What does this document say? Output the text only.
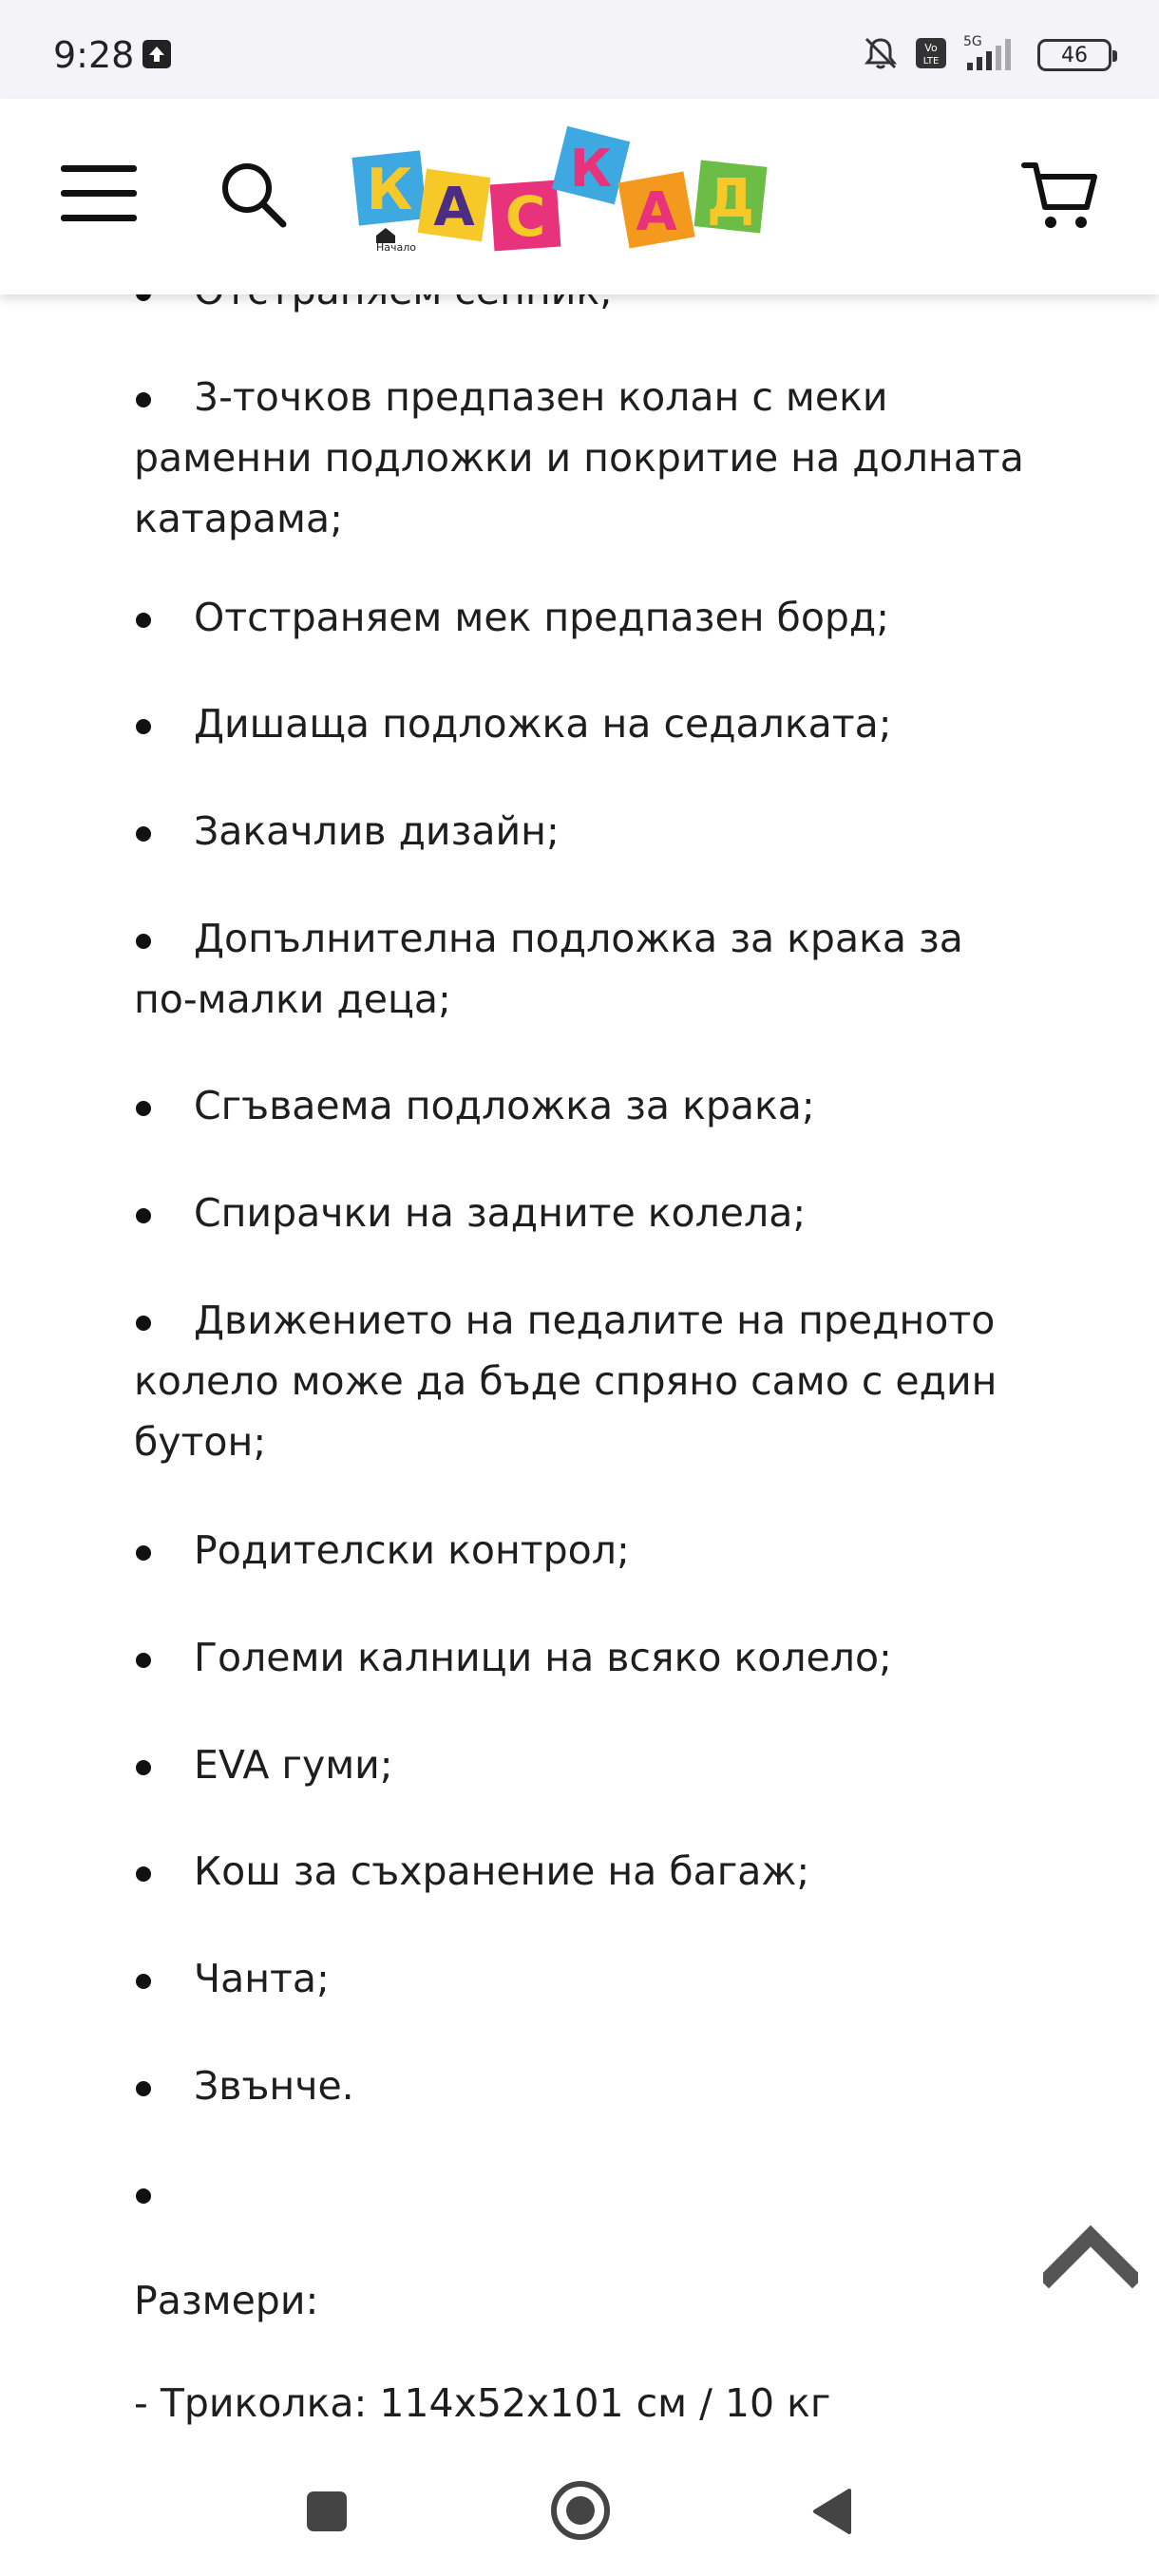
9:28	Vo
LTE
5G
46
К А С
К
А Д
Начало
3-точков предпазен колан с меки раменни подложки и покритие на долната катарама;
Отстраняем мек предпазен борд;
Дишаща подложка на седалката;
Закачлив дизайн;
Допълнителна подложка за крака за по-малки деца;
Сгъваема подложка за крака;
Спирачки на задните колела;
Движението на педалите на предното колело може да бъде спряно само с един бутон;
Родителски контрол;
Големи калници на всяко колело;
EVA гуми;
Кош за съхранение на багаж;
Чанта;
Звънче.
Размери:
- Триколка: 114x52x101 см / 10 кг
